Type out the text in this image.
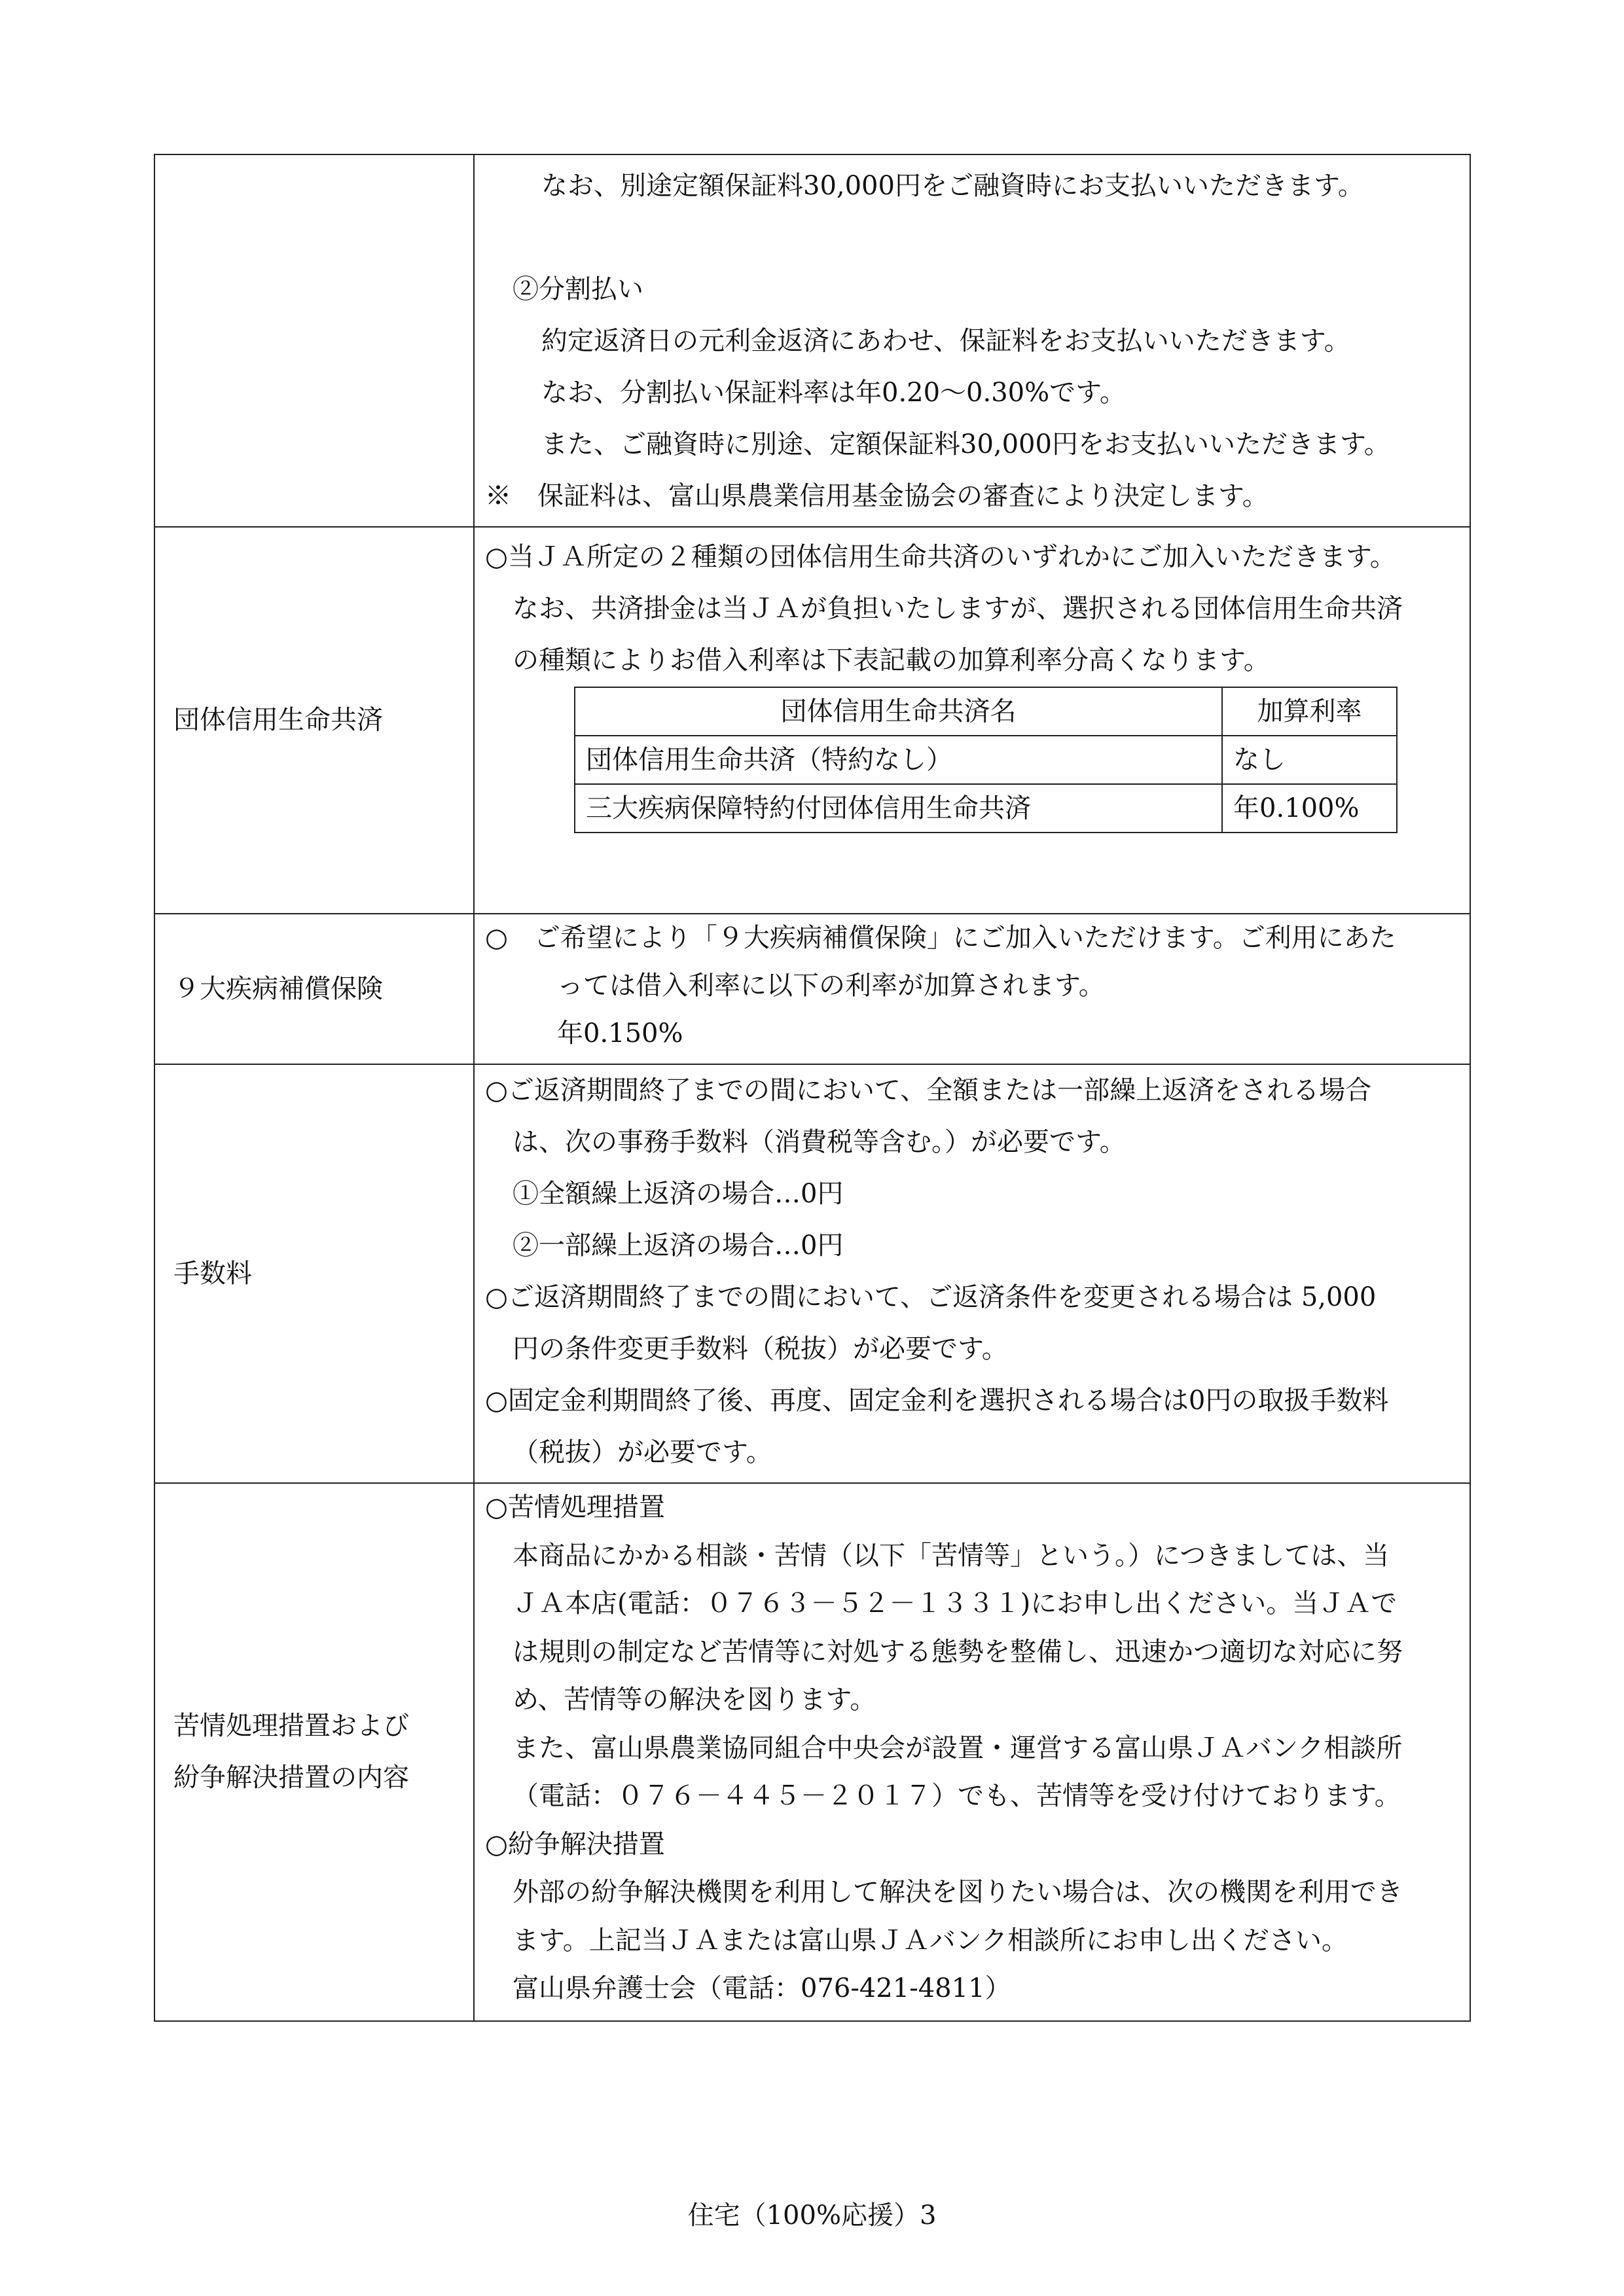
なお、別途定額保証料30,000円をご融資時にお支払いいただきます。

②分割払い
約定返済日の元利金返済にあわせ、保証料をお支払いいただきます。
なお、分割払い保証料率は年0.20～0.30%です。
また、ご融資時に別途、定額保証料30,000円をお支払いいただきます。
※　保証料は、富山県農業信用基金協会の審査により決定します。

団体信用生命共済	
○当ＪＡ所定の２種類の団体信用生命共済のいずれかにご加入いただきます。
なお、共済掛金は当ＪＡが負担いたしますが、選択される団体信用生命共済
の種類によりお借入利率は下表記載の加算利率分高くなります。
団体信用生命共済名	加算利率
団体信用生命共済（特約なし）	なし
三大疾病保障特約付団体信用生命共済	年0.100%

９大疾病補償保険	
○　ご希望により「９大疾病補償保険」にご加入いただけます。ご利用にあた
っては借入利率に以下の利率が加算されます。
年0.150%

手数料	
○ご返済期間終了までの間において、全額または一部繰上返済をされる場合
は、次の事務手数料（消費税等含む。）が必要です。
①全額繰上返済の場合…0円
②一部繰上返済の場合…0円
○ご返済期間終了までの間において、ご返済条件を変更される場合は 5,000
円の条件変更手数料（税抜）が必要です。
○固定金利期間終了後、再度、固定金利を選択される場合は0円の取扱手数料
（税抜）が必要です。

苦情処理措置および
紛争解決措置の内容

○苦情処理措置
本商品にかかる相談・苦情（以下「苦情等」という。）につきましては、当
ＪＡ本店(電話：０７６３－５２－１３３１)にお申し出ください。当ＪＡで
は規則の制定など苦情等に対処する態勢を整備し、迅速かつ適切な対応に努
め、苦情等の解決を図ります。
また、富山県農業協同組合中央会が設置・運営する富山県ＪＡバンク相談所
（電話：０７６－４４５－２０１７）でも、苦情等を受け付けております。
○紛争解決措置
外部の紛争解決機関を利用して解決を図りたい場合は、次の機関を利用でき
ます。上記当ＪＡまたは富山県ＪＡバンク相談所にお申し出ください。
富山県弁護士会（電話：076-421-4811）
住宅（100%応援）3
